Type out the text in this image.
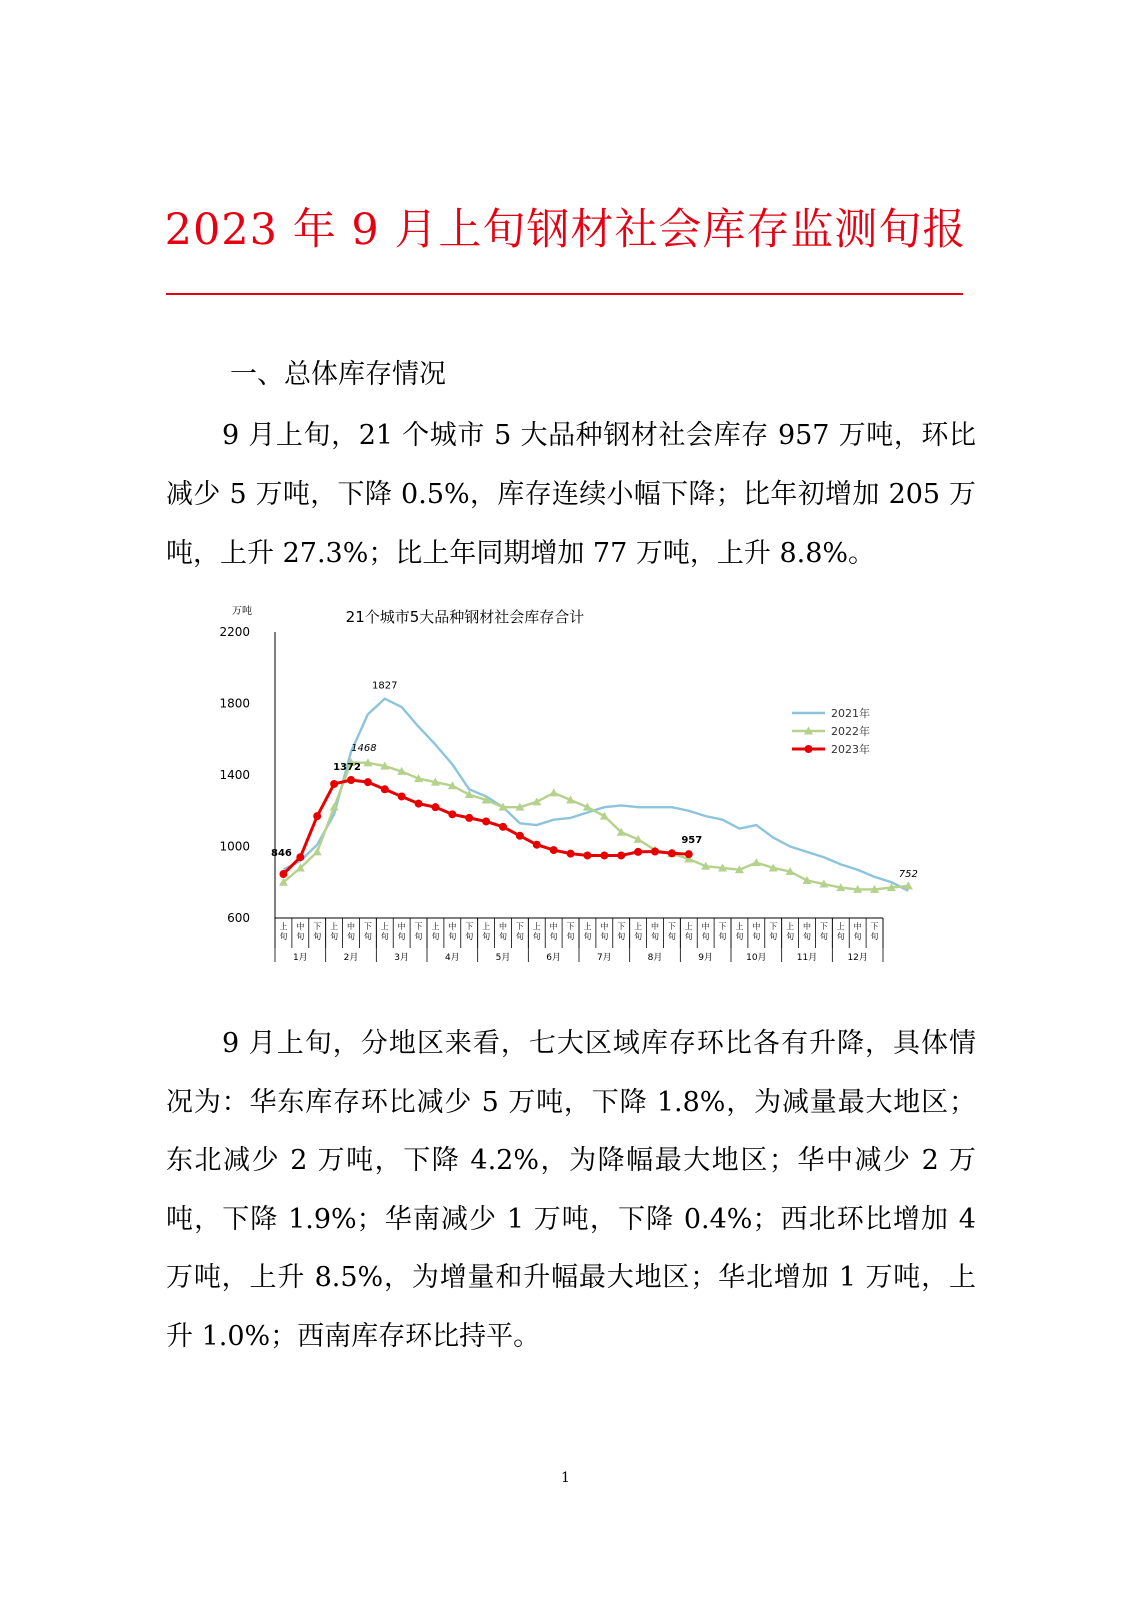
2023 年 9 月上旬钢材社会库存监测旬报
一、总体库存情况

9 月上旬，21 个城市 5 大品种钢材社会库存 957 万吨，环比减少 5 万吨，下降 0.5%，库存连续小幅下降；比年初增加 205 万吨，上升 27.3%；比上年同期增加 77 万吨，上升 8.8%。

21个城市5大品种钢材社会库存合计
万吨
600
1000
1400
1800
2200
上
旬
中
旬
下
旬
上
旬
中
旬
下
旬
上
旬
中
旬
下
旬
上
旬
中
旬
下
旬
上
旬
中
旬
下
旬
上
旬
中
旬
下
旬
上
旬
中
旬
下
旬
上
旬
中
旬
下
旬
上
旬
中
旬
下
旬
上
旬
中
旬
下
旬
上
旬
中
旬
下
旬
上
旬
中
旬
下
旬
1月	2月	3月	4月	5月	6月	7月	8月	9月	10月	11月	12月
846
1372
957
1827
1468
752
2021年
2022年
2023年

9 月上旬，分地区来看，七大区域库存环比各有升降，具体情况为：华东库存环比减少 5 万吨，下降 1.8%，为减量最大地区；东北减少 2 万吨，下降 4.2%，为降幅最大地区；华中减少 2 万吨，下降 1.9%；华南减少 1 万吨，下降 0.4%；西北环比增加 4 万吨，上升 8.5%，为增量和升幅最大地区；华北增加 1 万吨，上升 1.0%；西南库存环比持平。

1
